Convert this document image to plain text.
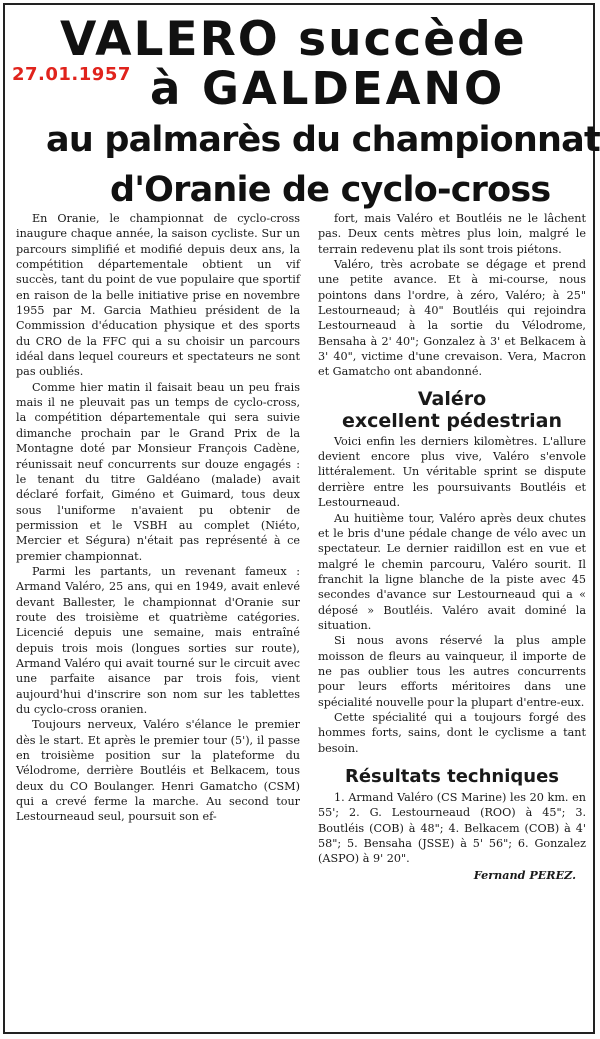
27.01.1957
VALERO succède
à GALDEANO
au palmarès du championnat
d'Oranie de cyclo-cross

En Oranie, le championnat de cyclo-cross inaugure chaque année, la saison cycliste. Sur un parcours simplifié et modifié depuis deux ans, la compétition départementale obtient un vif succès, tant du point de vue populaire que sportif en raison de la belle initiative prise en novembre 1955 par M. Garcia Mathieu président de la Commission d'éducation physique et des sports du CRO de la FFC qui a su choisir un parcours idéal dans lequel coureurs et spectateurs ne sont pas oubliés.

Comme hier matin il faisait beau un peu frais mais il ne pleuvait pas un temps de cyclo-cross, la compétition départementale qui sera suivie dimanche prochain par le Grand Prix de la Montagne doté par Monsieur François Cadène, réunissait neuf concurrents sur douze engagés : le tenant du titre Galdéano (malade) avait déclaré forfait, Giméno et Guimard, tous deux sous l'uniforme n'avaient pu obtenir de permission et le VSBH au complet (Niéto, Mercier et Ségura) n'était pas représenté à ce premier championnat.

Parmi les partants, un revenant fameux : Armand Valéro, 25 ans, qui en 1949, avait enlevé devant Ballester, le championnat d'Oranie sur route des troisième et quatrième catégories. Licencié depuis une semaine, mais entraîné depuis trois mois (longues sorties sur route), Armand Valéro qui avait tourné sur le circuit avec une parfaite aisance par trois fois, vient aujourd'hui d'inscrire son nom sur les tablettes du cyclo-cross oranien.

Toujours nerveux, Valéro s'élance le premier dès le start. Et après le premier tour (5'), il passe en troisième position sur la plateforme du Vélodrome, derrière Boutléis et Belkacem, tous deux du CO Boulanger. Henri Gamatcho (CSM) qui a crevé ferme la marche. Au second tour Lestourneaud seul, poursuit son ef-

fort, mais Valéro et Boutléis ne le lâchent pas. Deux cents mètres plus loin, malgré le terrain redevenu plat ils sont trois piétons.

Valéro, très acrobate se dégage et prend une petite avance. Et à mi-course, nous pointons dans l'ordre, à zéro, Valéro; à 25" Lestourneaud; à 40" Boutléis qui rejoindra Lestourneaud à la sortie du Vélodrome, Bensaha à 2' 40"; Gonzalez à 3' et Belkacem à 3' 40", victime d'une crevaison. Vera, Macron et Gamatcho ont abandonné.

Valéro
excellent pédestrian

Voici enfin les derniers kilomètres. L'allure devient encore plus vive, Valéro s'envole littéralement. Un véritable sprint se dispute derrière entre les poursuivants Boutléis et Lestourneaud.

Au huitième tour, Valéro après deux chutes et le bris d'une pédale change de vélo avec un spectateur. Le dernier raidillon est en vue et malgré le chemin parcouru, Valéro sourit. Il franchit la ligne blanche de la piste avec 45 secondes d'avance sur Lestourneaud qui a « déposé » Boutléis. Valéro avait dominé la situation.

Si nous avons réservé la plus ample moisson de fleurs au vainqueur, il importe de ne pas oublier tous les autres concurrents pour leurs efforts méritoires dans une spécialité nouvelle pour la plupart d'entre-eux.

Cette spécialité qui a toujours forgé des hommes forts, sains, dont le cyclisme a tant besoin.

Résultats techniques

1. Armand Valéro (CS Marine) les 20 km. en 55'; 2. G. Lestourneaud (ROO) à 45"; 3. Boutléis (COB) à 48"; 4. Belkacem (COB) à 4' 58"; 5. Bensaha (JSSE) à 5' 56"; 6. Gonzalez (ASPO) à 9' 20".

Fernand PEREZ.
